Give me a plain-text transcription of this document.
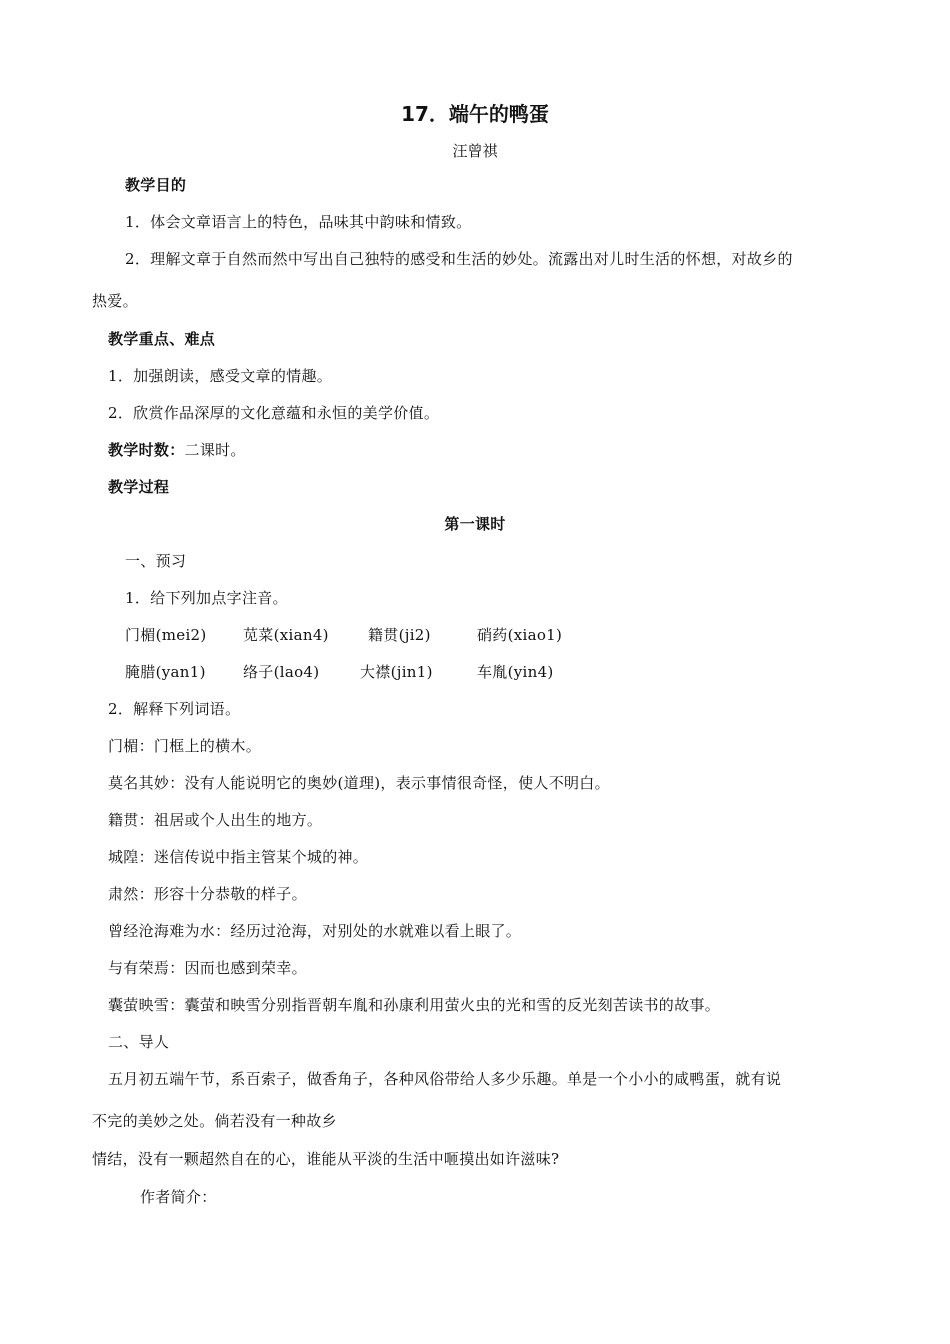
17．端午的鸭蛋
汪曾祺
教学目的
1．体会文章语言上的特色，品味其中韵味和情致。
2．理解文章于自然而然中写出自己独特的感受和生活的妙处。流露出对儿时生活的怀想，对故乡的
热爱。
教学重点、难点
1．加强朗读，感受文章的情趣。
2．欣赏作品深厚的文化意蕴和永恒的美学价值。
教学时数：二课时。
教学过程
第一课时
一、预习
1．给下列加点字注音。
门楣(mei2) 苋菜(xian4)	籍贯(ji2)	硝药(xiao1)
腌腊(yan1) 络子(lao4)	大襟(jin1)	车胤(yin4)
2．解释下列词语。
门楣：门框上的横木。
莫名其妙：没有人能说明它的奥妙(道理)，表示事情很奇怪，使人不明白。
籍贯：祖居或个人出生的地方。
城隍：迷信传说中指主管某个城的神。
肃然：形容十分恭敬的样子。
曾经沧海难为水：经历过沧海，对别处的水就难以看上眼了。
与有荣焉：因而也感到荣幸。
囊萤映雪：囊萤和映雪分别指晋朝车胤和孙康利用萤火虫的光和雪的反光刻苦读书的故事。
二、导人
五月初五端午节，系百索子，做香角子，各种风俗带给人多少乐趣。单是一个小小的咸鸭蛋，就有说
不完的美妙之处。倘若没有一种故乡
情结，没有一颗超然自在的心，谁能从平淡的生活中咂摸出如许滋味?
作者简介：
